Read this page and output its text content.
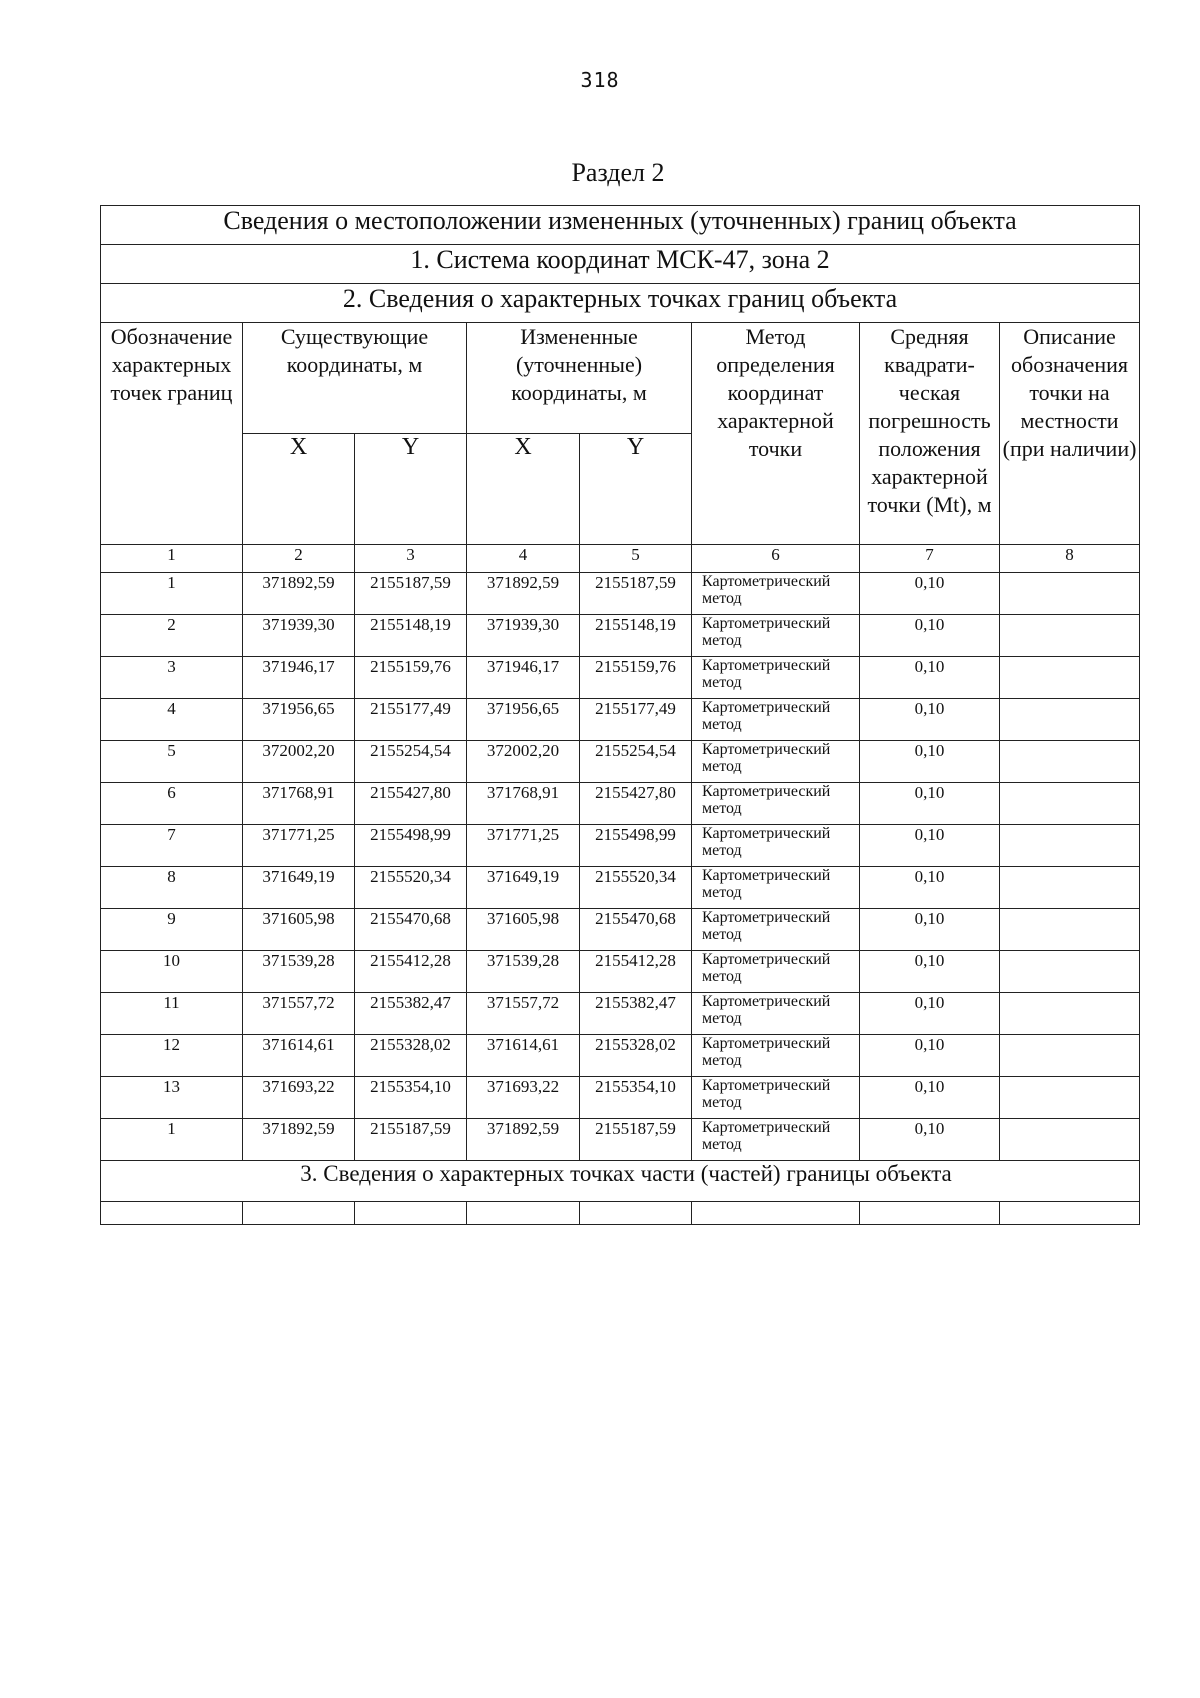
318
Раздел 2
Сведения о местоположении измененных (уточненных) границ объекта							
1. Система координат МСК-47, зона 2							
2. Сведения о характерных точках границ объекта							
Обозначение характерных точек границ	Существующие координаты, м		Измененные (уточненные) координаты, м		Метод определения координат характерной точки	Средняя квадрати-ческая погрешность положения характерной точки (Mt), м	Описание обозначения точки на местности (при наличии)
	X	Y	X	Y			
1	2	3	4	5	6	7	8
1	371892,59	2155187,59	371892,59	2155187,59	Картометрический метод	0,10	
2	371939,30	2155148,19	371939,30	2155148,19	Картометрический метод	0,10	
3	371946,17	2155159,76	371946,17	2155159,76	Картометрический метод	0,10	
4	371956,65	2155177,49	371956,65	2155177,49	Картометрический метод	0,10	
5	372002,20	2155254,54	372002,20	2155254,54	Картометрический метод	0,10	
6	371768,91	2155427,80	371768,91	2155427,80	Картометрический метод	0,10	
7	371771,25	2155498,99	371771,25	2155498,99	Картометрический метод	0,10	
8	371649,19	2155520,34	371649,19	2155520,34	Картометрический метод	0,10	
9	371605,98	2155470,68	371605,98	2155470,68	Картометрический метод	0,10	
10	371539,28	2155412,28	371539,28	2155412,28	Картометрический метод	0,10	
11	371557,72	2155382,47	371557,72	2155382,47	Картометрический метод	0,10	
12	371614,61	2155328,02	371614,61	2155328,02	Картометрический метод	0,10	
13	371693,22	2155354,10	371693,22	2155354,10	Картометрический метод	0,10	
1	371892,59	2155187,59	371892,59	2155187,59	Картометрический метод	0,10	
3. Сведения о характерных точках части (частей) границы объекта							
